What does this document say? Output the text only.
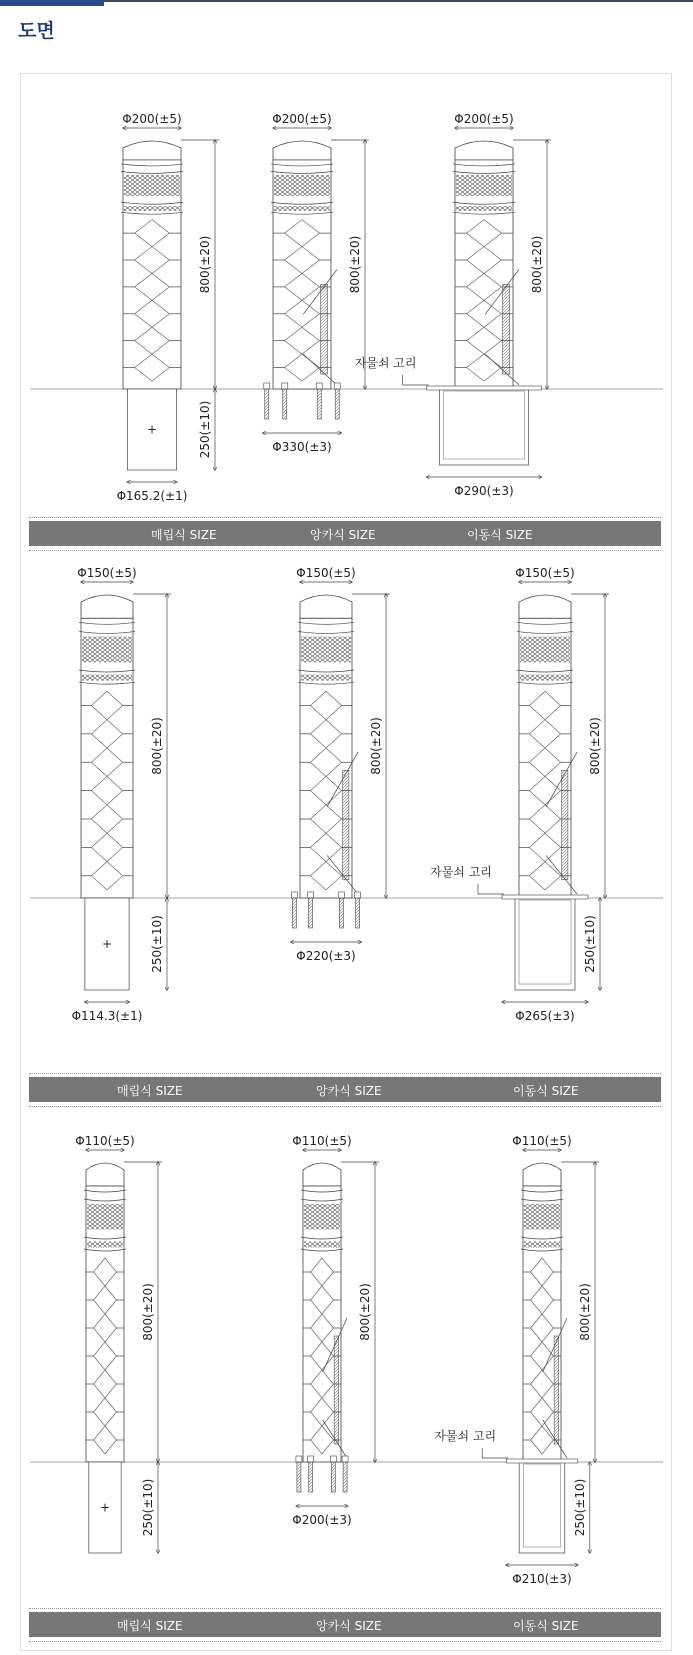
도면
Φ200(±5)
800(±20)
+	250(±10)
Φ165.2(±1)
Φ200(±5)
800(±20)
Φ330(±3)
Φ200(±5)
800(±20)
자물쇠 고리
Φ290(±3)
Φ150(±5)
800(±20)
+	250(±10)
Φ114.3(±1)
Φ150(±5)
800(±20)
Φ220(±3)
Φ150(±5)
800(±20)
자물쇠 고리
250(±10)
Φ265(±3)
Φ110(±5)
800(±20)
+	250(±10)
Φ110(±5)
800(±20)
Φ200(±3)
Φ110(±5)
800(±20)
자물쇠 고리
250(±10)
Φ210(±3)
매립식 SIZE	앙카식 SIZE	이동식 SIZE
매립식 SIZE	앙카식 SIZE	이동식 SIZE
매립식 SIZE	앙카식 SIZE	이동식 SIZE
